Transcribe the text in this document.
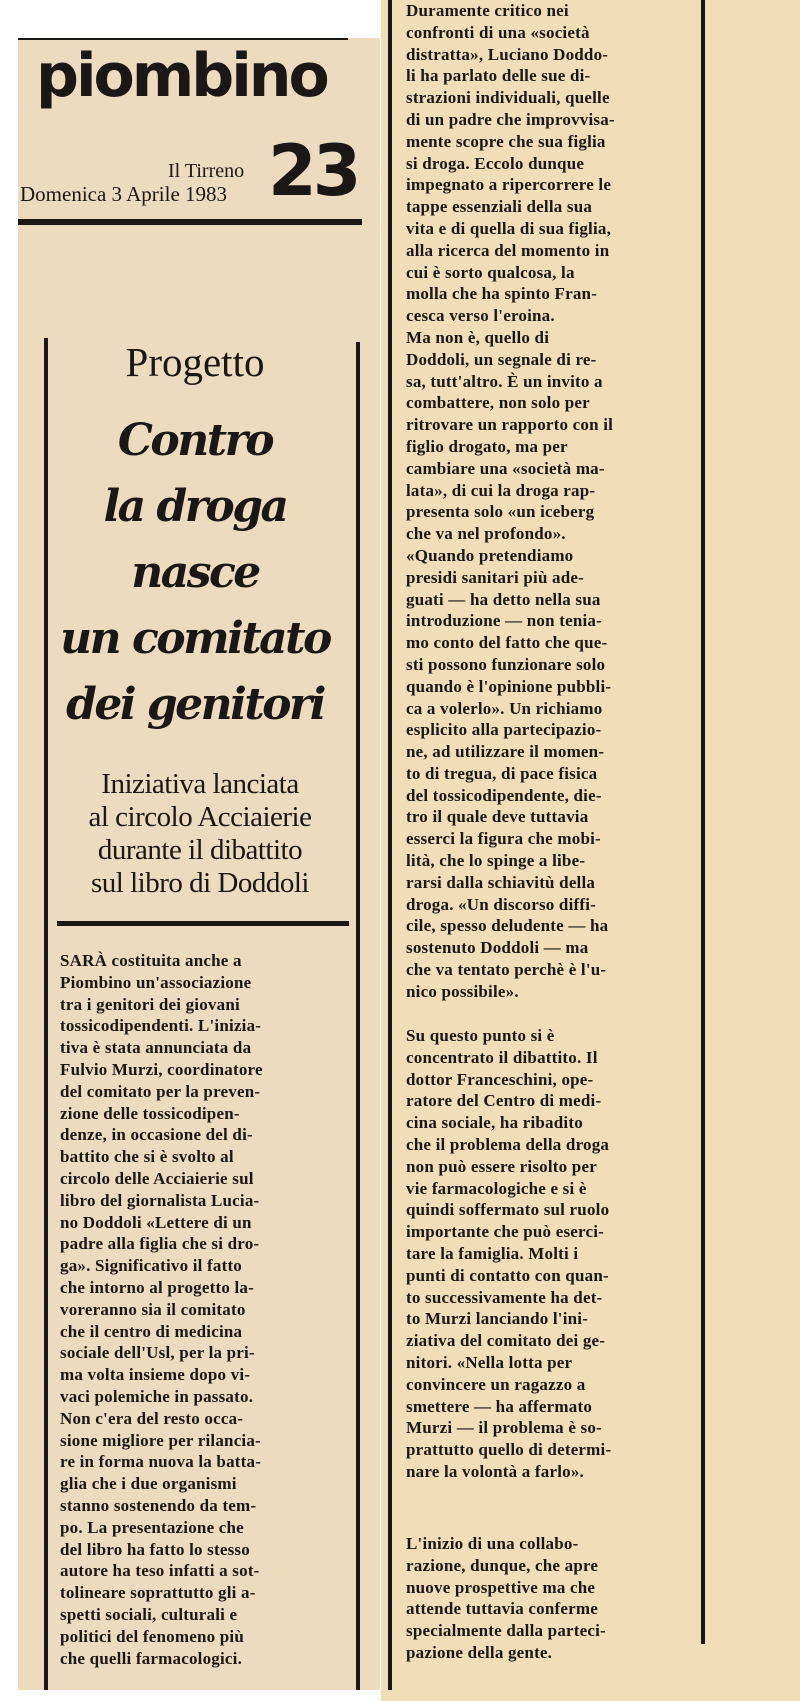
piombino
Il Tirreno
Domenica 3 Aprile 1983 23
Progetto
Contro
la droga
nasce
un comitato
dei genitori
Iniziativa lanciata
al circolo Acciaierie
durante il dibattito
sul libro di Doddoli
SARÀ costituita anche a
Piombino un'associazione
tra i genitori dei giovani
tossicodipendenti. L'inizia-
tiva è stata annunciata da
Fulvio Murzi, coordinatore
del comitato per la preven-
zione delle tossicodipen-
denze, in occasione del di-
battito che si è svolto al
circolo delle Acciaierie sul
libro del giornalista Lucia-
no Doddoli «Lettere di un
padre alla figlia che si dro-
ga». Significativo il fatto
che intorno al progetto la-
voreranno sia il comitato
che il centro di medicina
sociale dell'Usl, per la pri-
ma volta insieme dopo vi-
vaci polemiche in passato.
Non c'era del resto occa-
sione migliore per rilancia-
re in forma nuova la batta-
glia che i due organismi
stanno sostenendo da tem-
po. La presentazione che
del libro ha fatto lo stesso
autore ha teso infatti a sot-
tolineare soprattutto gli a-
spetti sociali, culturali e
politici del fenomeno più
che quelli farmacologici.
Duramente critico nei
confronti di una «società
distratta», Luciano Doddo-
li ha parlato delle sue di-
strazioni individuali, quelle
di un padre che improvvisa-
mente scopre che sua figlia
si droga. Eccolo dunque
impegnato a ripercorrere le
tappe essenziali della sua
vita e di quella di sua figlia,
alla ricerca del momento in
cui è sorto qualcosa, la
molla che ha spinto Fran-
cesca verso l'eroina.
Ma non è, quello di
Doddoli, un segnale di re-
sa, tutt'altro. È un invito a
combattere, non solo per
ritrovare un rapporto con il
figlio drogato, ma per
cambiare una «società ma-
lata», di cui la droga rap-
presenta solo «un iceberg
che va nel profondo».
«Quando pretendiamo
presidi sanitari più ade-
guati — ha detto nella sua
introduzione — non tenia-
mo conto del fatto che que-
sti possono funzionare solo
quando è l'opinione pubbli-
ca a volerlo». Un richiamo
esplicito alla partecipazio-
ne, ad utilizzare il momen-
to di tregua, di pace fisica
del tossicodipendente, die-
tro il quale deve tuttavia
esserci la figura che mobi-
lità, che lo spinge a libe-
rarsi dalla schiavitù della
droga. «Un discorso diffi-
cile, spesso deludente — ha
sostenuto Doddoli — ma
che va tentato perchè è l'u-
nico possibile».
Su questo punto si è
concentrato il dibattito. Il
dottor Franceschini, ope-
ratore del Centro di medi-
cina sociale, ha ribadito
che il problema della droga
non può essere risolto per
vie farmacologiche e si è
quindi soffermato sul ruolo
importante che può eserci-
tare la famiglia. Molti i
punti di contatto con quan-
to successivamente ha det-
to Murzi lanciando l'ini-
ziativa del comitato dei ge-
nitori. «Nella lotta per
convincere un ragazzo a
smettere — ha affermato
Murzi — il problema è so-
prattutto quello di determi-
nare la volontà a farlo».
L'inizio di una collabo-
razione, dunque, che apre
nuove prospettive ma che
attende tuttavia conferme
specialmente dalla parteci-
pazione della gente.
